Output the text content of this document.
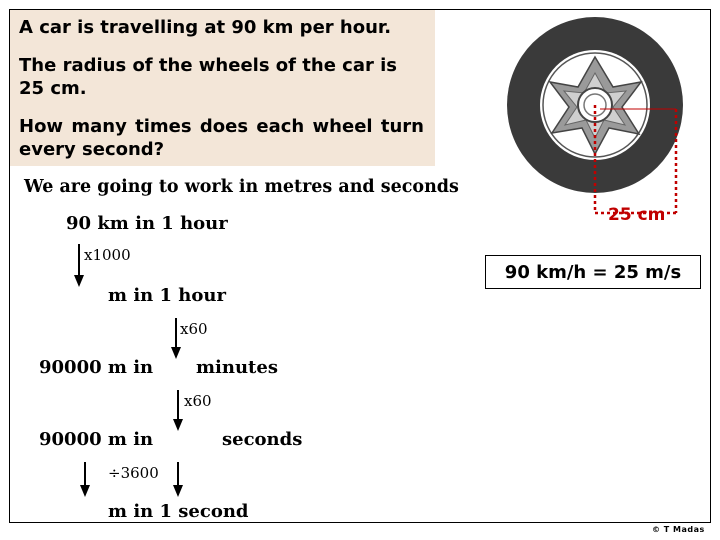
A car is travelling at 90 km per hour.
The radius of the wheels of the car is 25 cm.
How many times does each wheel turn every second?
We are going to work in metres and seconds
90 km in 1 hour
x1000
m in 1 hour
x60
90000 m in minutes
x60
90000 m in	seconds
÷3600
m in 1 second
25 cm
90 km/h = 25 m/s
© T Madas
